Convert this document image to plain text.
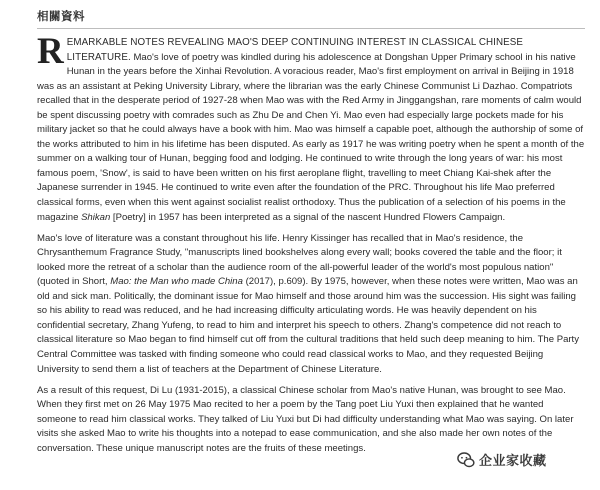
相關資料

R EMARKABLE NOTES REVEALING MAO'S DEEP CONTINUING INTEREST IN CLASSICAL CHINESE LITERATURE. Mao's love of poetry was kindled during his adolescence at Dongshan Upper Primary school in his native Hunan in the years before the Xinhai Revolution. A voracious reader, Mao's first employment on arrival in Beijing in 1918 was as an assistant at Peking University Library, where the librarian was the early Chinese Communist Li Dazhao. Compatriots recalled that in the desperate period of 1927-28 when Mao was with the Red Army in Jinggangshan, rare moments of calm would be spent discussing poetry with comrades such as Zhu De and Chen Yi. Mao even had especially large pockets made for his military jacket so that he could always have a book with him. Mao was himself a capable poet, although the authorship of some of the works attributed to him in his lifetime has been disputed. As early as 1917 he was writing poetry when he spent a month of the summer on a walking tour of Hunan, begging food and lodging. He continued to write through the long years of war: his most famous poem, 'Snow', is said to have been written on his first aeroplane flight, travelling to meet Chiang Kai-shek after the Japanese surrender in 1945. He continued to write even after the foundation of the PRC. Throughout his life Mao preferred classical forms, even when this went against socialist realist orthodoxy. Thus the publication of a selection of his poems in the magazine Shikan [Poetry] in 1957 has been interpreted as a signal of the nascent Hundred Flowers Campaign.

Mao's love of literature was a constant throughout his life. Henry Kissinger has recalled that in Mao's residence, the Chrysanthemum Fragrance Study, "manuscripts lined bookshelves along every wall; books covered the table and the floor; it looked more the retreat of a scholar than the audience room of the all-powerful leader of the world's most populous nation" (quoted in Short, Mao: the Man who made China (2017), p.609). By 1975, however, when these notes were written, Mao was an old and sick man. Politically, the dominant issue for Mao himself and those around him was the succession. His sight was failing so his ability to read was reduced, and he had increasing difficulty articulating words. He was heavily dependent on his confidential secretary, Zhang Yufeng, to read to him and interpret his speech to others. Zhang's competence did not reach to classical literature so Mao began to find himself cut off from the cultural traditions that held such deep meaning to him. The Party Central Committee was tasked with finding someone who could read classical works to Mao, and they requested Beijing University to send them a list of teachers at the Department of Chinese Literature.

As a result of this request, Di Lu (1931-2015), a classical Chinese scholar from Mao's native Hunan, was brought to see Mao. When they first met on 26 May 1975 Mao recited to her a poem by the Tang poet Liu Yuxi then explained that he wanted someone to read him classical works. They talked of Liu Yuxi but Di had difficulty understanding what Mao was saying. On later visits she asked Mao to write his thoughts into a notepad to ease communication, and she also made her own notes of the conversation. These unique manuscript notes are the fruits of these meetings.

企业家收藏
